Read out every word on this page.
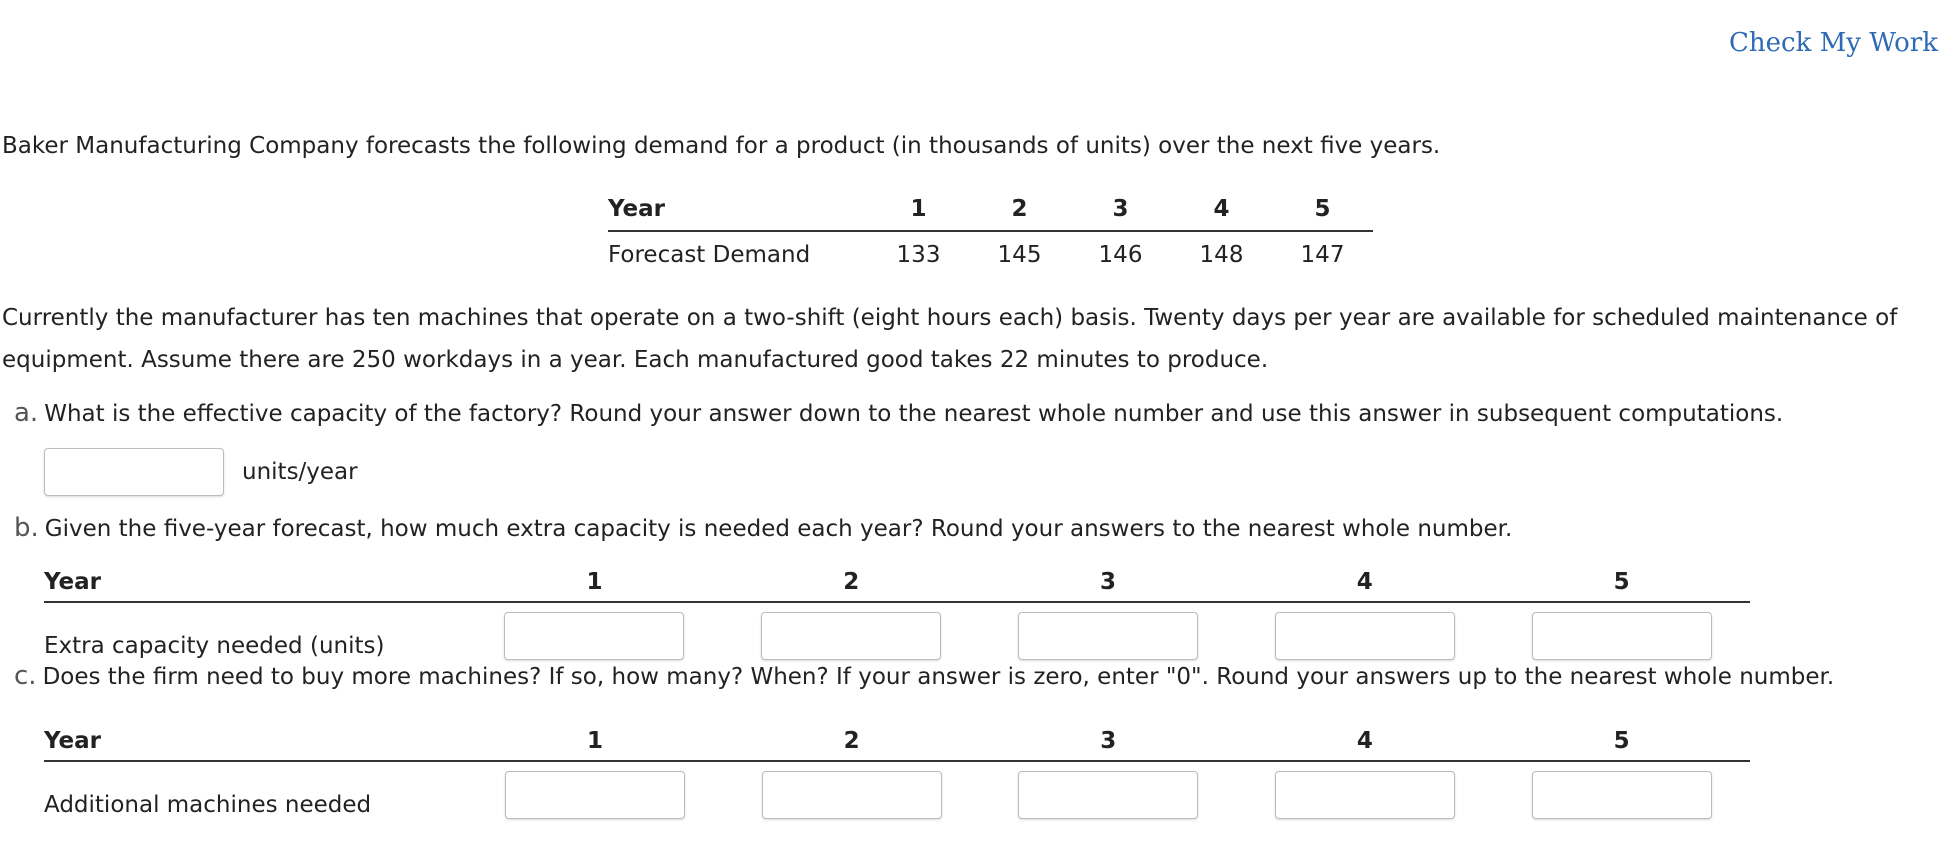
Check My Work

Baker Manufacturing Company forecasts the following demand for a product (in thousands of units) over the next five years.

Year	1	2	3	4	5
Forecast Demand	133	145	146	148	147

Currently the manufacturer has ten machines that operate on a two-shift (eight hours each) basis. Twenty days per year are available for scheduled maintenance of equipment. Assume there are 250 workdays in a year. Each manufactured good takes 22 minutes to produce.

a. What is the effective capacity of the factory? Round your answer down to the nearest whole number and use this answer in subsequent computations.

units/year

b. Given the five-year forecast, how much extra capacity is needed each year? Round your answers to the nearest whole number.

Year	1	2	3	4	5
Extra capacity needed (units)					

c. Does the firm need to buy more machines? If so, how many? When? If your answer is zero, enter "0". Round your answers up to the nearest whole number.

Year	1	2	3	4	5
Additional machines needed					
